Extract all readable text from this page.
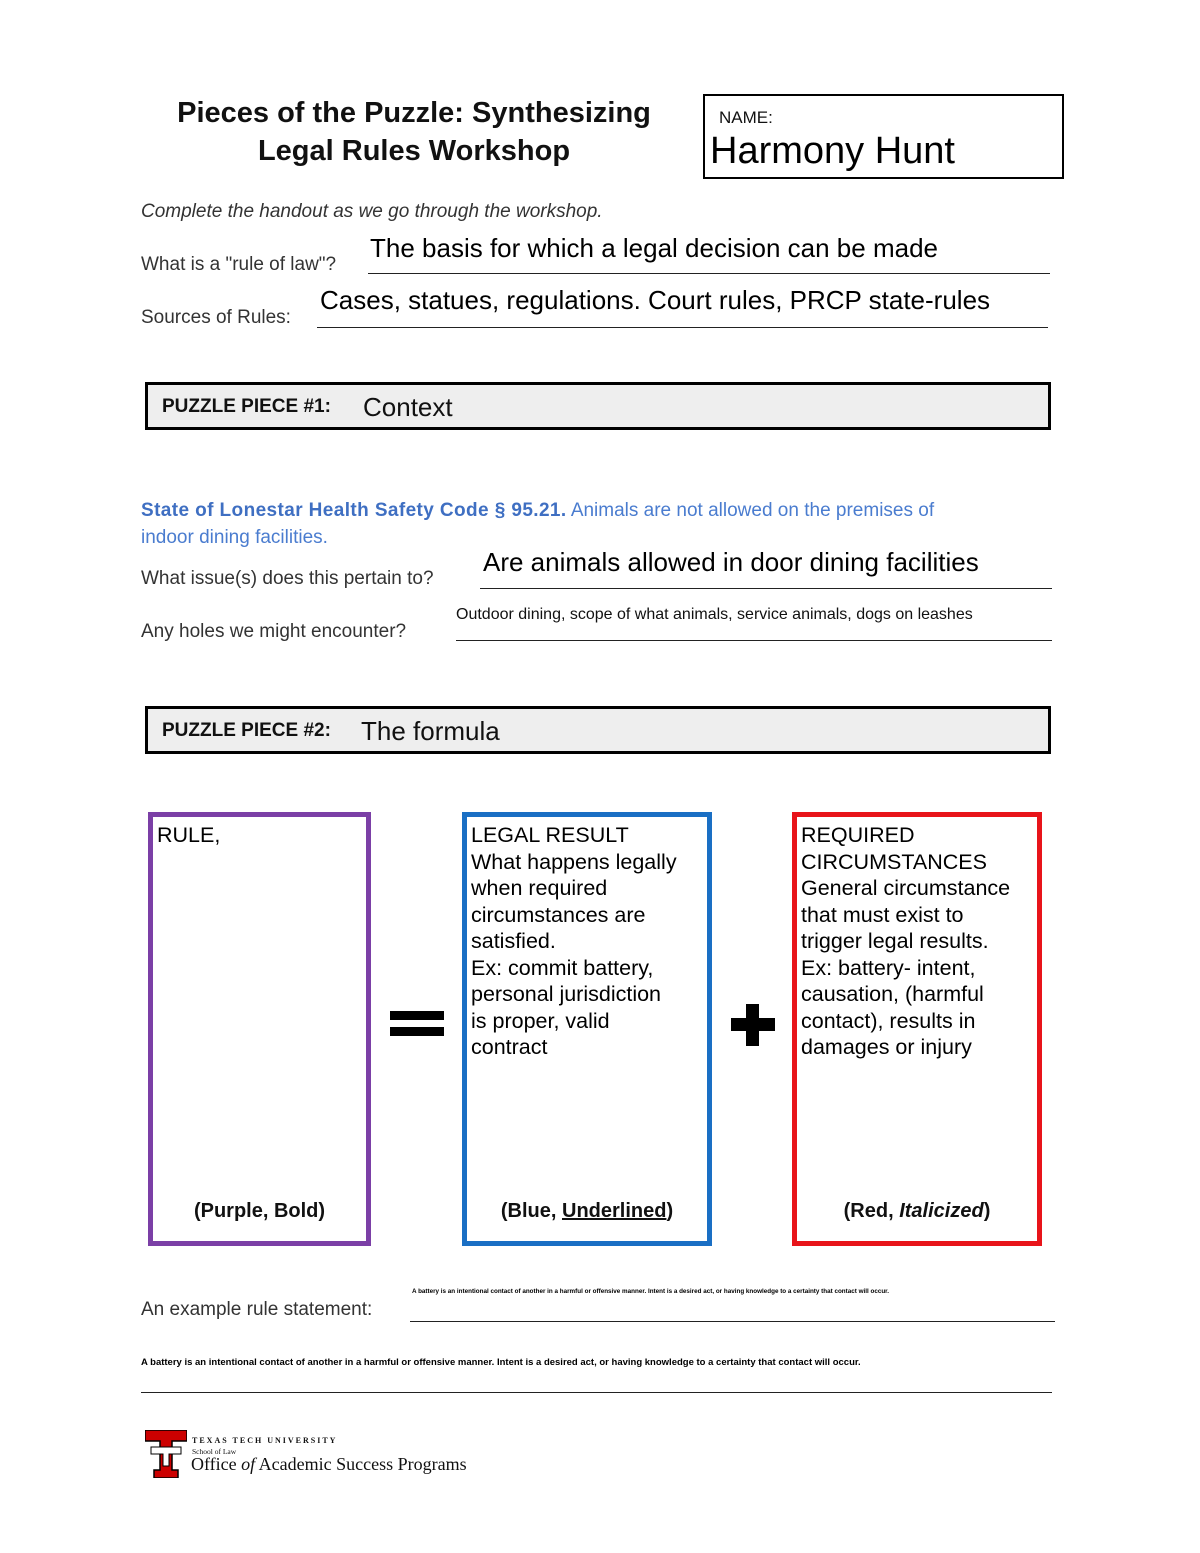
Pieces of the Puzzle: Synthesizing
Legal Rules Workshop
NAME:
Harmony Hunt
Complete the handout as we go through the workshop.
What is a "rule of law"?
The basis for which a legal decision can be made
Sources of Rules:
Cases, statues, regulations. Court rules, PRCP state-rules
PUZZLE PIECE #1: Context
State of Lonestar Health Safety Code § 95.21. Animals are not allowed on the premises of
indoor dining facilities.
What issue(s) does this pertain to?
Are animals allowed in door dining facilities
Any holes we might encounter?
Outdoor dining, scope of what animals, service animals, dogs on leashes
PUZZLE PIECE #2: The formula
RULE,
(Purple, Bold)
LEGAL RESULT
What happens legally
when required
circumstances are
satisfied.
Ex: commit battery,
personal jurisdiction
is proper, valid
contract
(Blue, Underlined)
REQUIRED
CIRCUMSTANCES
General circumstance
that must exist to
trigger legal results.
Ex: battery- intent,
causation, (harmful
contact), results in
damages or injury
(Red, Italicized)
A battery is an intentional contact of another in a harmful or offensive manner. Intent is a desired act, or having knowledge to a certainty that contact will occur.
An example rule statement:
A battery is an intentional contact of another in a harmful or offensive manner. Intent is a desired act, or having knowledge to a certainty that contact will occur.
TEXAS TECH UNIVERSITY
School of Law
Office of Academic Success Programs
